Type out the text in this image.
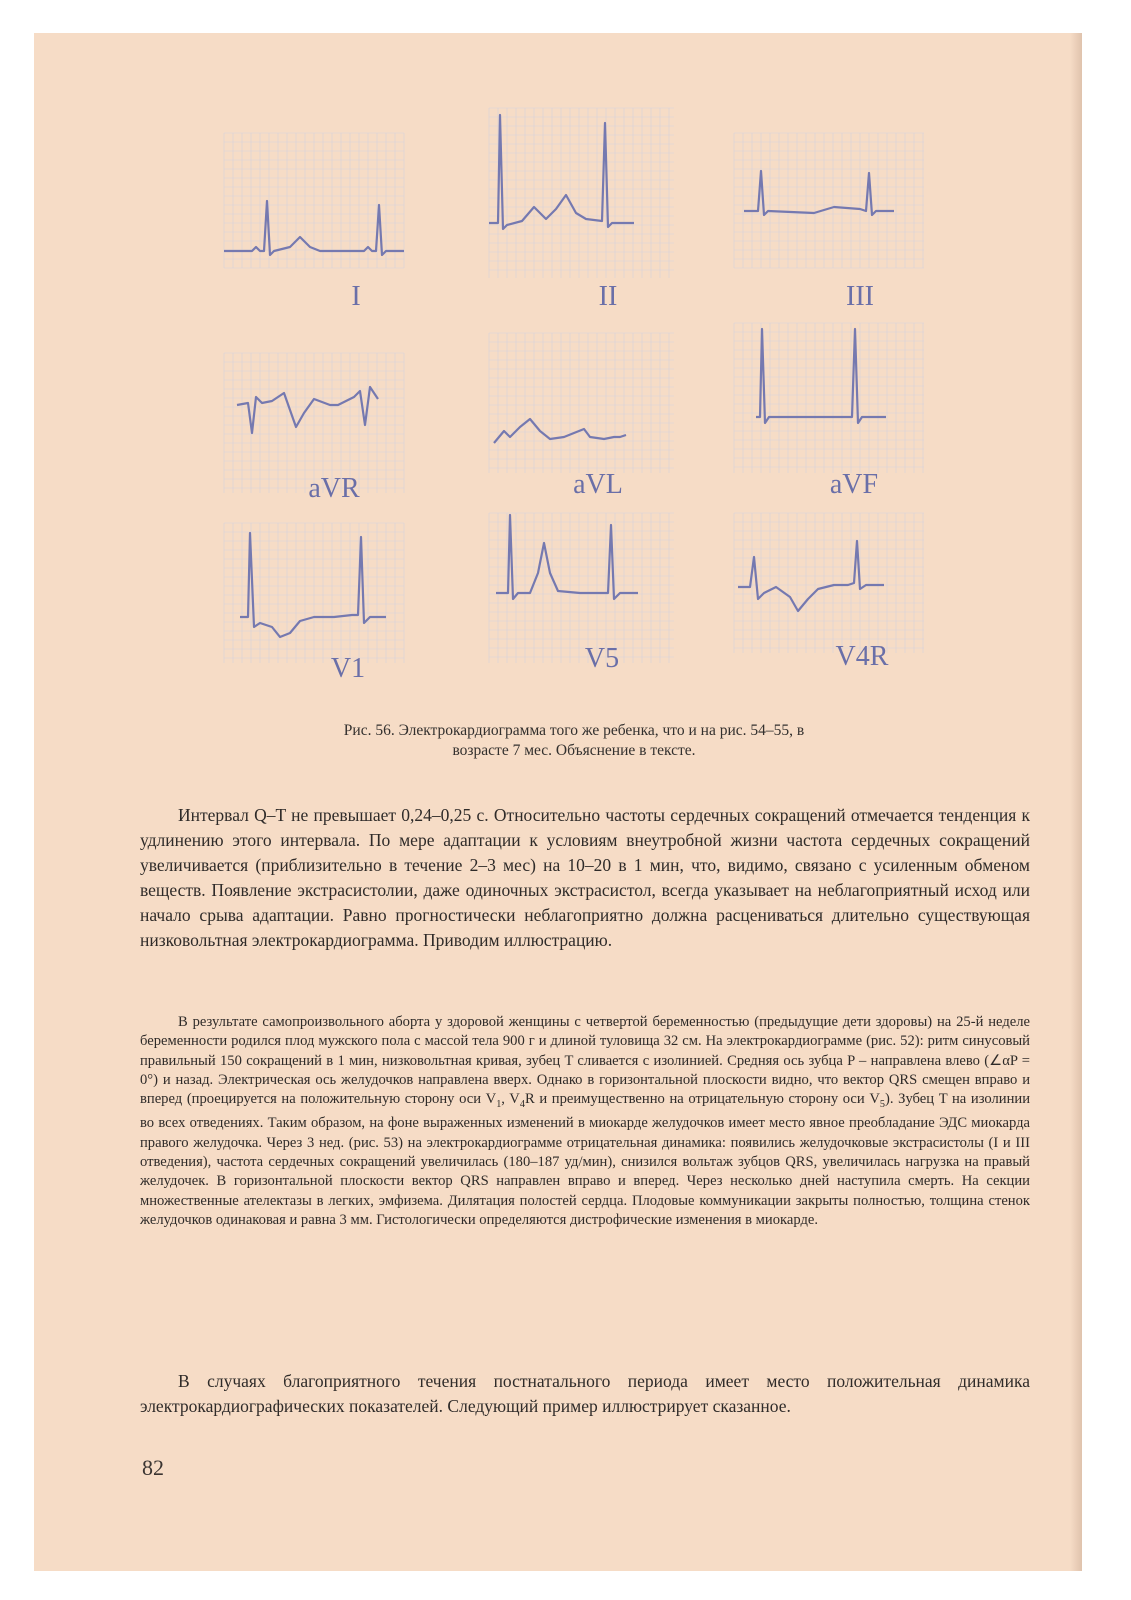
I	II	III
aVR	aVL	aVF
V1	V5	V4R
Рис. 56. Электрокардиограмма того же ребенка, что и на рис. 54–55, в
возрасте 7 мес. Объяснение в тексте.
Интервал Q–T не превышает 0,24–0,25 с. Относительно частоты сердечных сокращений отмечается тенденция к удлинению этого интервала. По мере адаптации к условиям внеутробной жизни частота сердечных сокращений увеличивается (приблизительно в течение 2–3 мес) на 10–20 в 1 мин, что, видимо, связано с усиленным обменом веществ. Появление экстрасистолии, даже одиночных экстрасистол, всегда указывает на неблагоприятный исход или начало срыва адаптации. Равно прогностически неблагоприятно должна расцениваться длительно существующая низковольтная электрокардиограмма. Приводим иллюстрацию.
В результате самопроизвольного аборта у здоровой женщины с четвертой беременностью (предыдущие дети здоровы) на 25-й неделе беременности родился плод мужского пола с массой тела 900 г и длиной туловища 32 см. На электрокардиограмме (рис. 52): ритм синусовый правильный 150 сокращений в 1 мин, низковольтная кривая, зубец T сливается с изолинией. Средняя ось зубца P – направлена влево (∠αP = 0°) и назад. Электрическая ось желудочков направлена вверх. Однако в горизонтальной плоскости видно, что вектор QRS смещен вправо и вперед (проецируется на положительную сторону оси $V_1$, $V_4R$ и преимущественно на отрицательную сторону оси $V_5$). Зубец T на изолинии во всех отведениях. Таким образом, на фоне выраженных изменений в миокарде желудочков имеет место явное преобладание ЭДС миокарда правого желудочка. Через 3 нед. (рис. 53) на электрокардиограмме отрицательная динамика: появились желудочковые экстрасистолы (I и III отведения), частота сердечных сокращений увеличилась (180–187 уд/мин), снизился вольтаж зубцов QRS, увеличилась нагрузка на правый желудочек. В горизонтальной плоскости вектор QRS направлен вправо и вперед. Через несколько дней наступила смерть. На секции множественные ателектазы в легких, эмфизема. Дилятация полостей сердца. Плодовые коммуникации закрыты полностью, толщина стенок желудочков одинаковая и равна 3 мм. Гистологически определяются дистрофические изменения в миокарде.
В случаях благоприятного течения постнатального периода имеет место положительная динамика электрокардиографических показателей. Следующий пример иллюстрирует сказанное.
82
